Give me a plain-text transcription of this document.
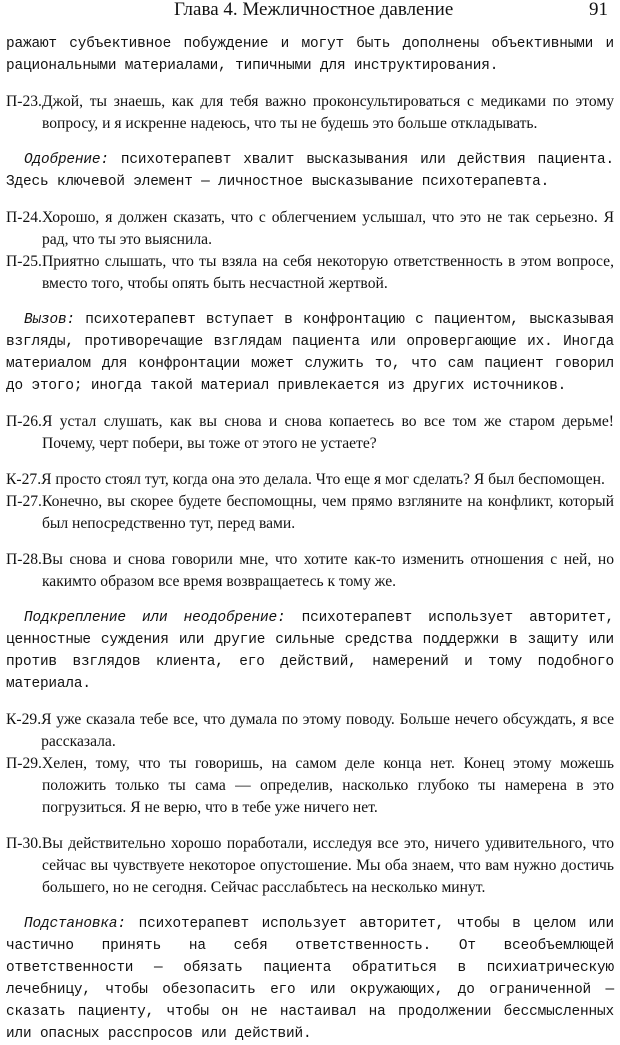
Глава 4. Межличностное давление	91
ражают субъективное побуждение и могут быть дополнены объективными и рациональными материалами, типичными для инструктирования.
П-23. Джой, ты знаешь, как для тебя важно проконсультироваться с медиками по этому вопросу, и я искренне надеюсь, что ты не будешь это больше откладывать.
Одобрение: психотерапевт хвалит высказывания или действия пациента. Здесь ключевой элемент — личностное высказывание психотерапевта.
П-24. Хорошо, я должен сказать, что с облегчением услышал, что это не так серьезно. Я рад, что ты это выяснила.
П-25. Приятно слышать, что ты взяла на себя некоторую ответственность в этом вопросе, вместо того, чтобы опять быть несчастной жертвой.
Вызов: психотерапевт вступает в конфронтацию с пациентом, высказывая взгляды, противоречащие взглядам пациента или опровергающие их. Иногда материалом для конфронтации может служить то, что сам пациент говорил до этого; иногда такой материал привлекается из других источников.
П-26. Я устал слушать, как вы снова и снова копаетесь во все том же старом дерьме! Почему, черт побери, вы тоже от этого не устаете?
К-27. Я просто стоял тут, когда она это делала. Что еще я мог сделать? Я был беспомощен.
П-27. Конечно, вы скорее будете беспомощны, чем прямо взгляните на конфликт, который был непосредственно тут, перед вами.
П-28. Вы снова и снова говорили мне, что хотите как-то изменить отношения с ней, но какимто образом все время возвращаетесь к тому же.
Подкрепление или неодобрение: психотерапевт использует авторитет, ценностные суждения или другие сильные средства поддержки в защиту или против взглядов клиента, его действий, намерений и тому подобного материала.
К-29. Я уже сказала тебе все, что думала по этому поводу. Больше нечего обсуждать, я все рассказала.
П-29. Хелен, тому, что ты говоришь, на самом деле конца нет. Конец этому можешь положить только ты сама — определив, насколько глубоко ты намерена в это погрузиться. Я не верю, что в тебе уже ничего нет.
П-30. Вы действительно хорошо поработали, исследуя все это, ничего удивительного, что сейчас вы чувствуете некоторое опустошение. Мы оба знаем, что вам нужно достичь большего, но не сегодня. Сейчас расслабьтесь на несколько минут.
Подстановка: психотерапевт использует авторитет, чтобы в целом или частично принять на себя ответственность. От всеобъемлющей ответственности — обязать пациента обратиться в психиатрическую лечебницу, чтобы обезопасить его или окружающих, до ограниченной — сказать пациенту, чтобы он не настаивал на продолжении бессмысленных или опасных расспросов или действий.
